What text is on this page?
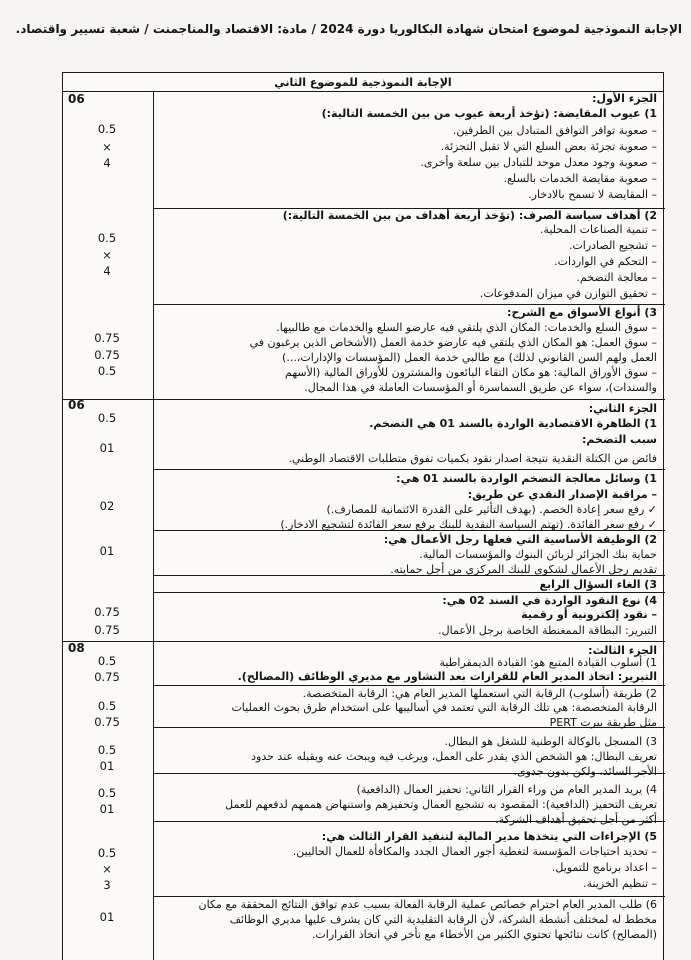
الإجابة النموذجية لموضوع امتحان شهادة البكالوريا دورة 2024 / مادة: الاقتصاد والمناجمنت / شعبة تسيير واقتصاد.
الإجابة النموذجية للموضوع الثاني
06
06
08
0.5
×
4
0.5
×
4
0.75
0.75
0.5
0.5
01
02
01
0.75
0.75
0.5
0.75
0.5
0.75
0.5
01
0.5
01
0.5
×
3
01
الجزء الأول:
1) عيوب المقايضة: (تؤخذ أربعة عيوب من بين الخمسة التالية:)
– صعوبة توافر التوافق المتبادل بين الطرفين.
– صعوبة تجزئة بعض السلع التي لا تقبل التجزئة.
– صعوبة وجود معدل موحد للتبادل بين سلعة وأخرى.
– صعوبة مقايضة الخدمات بالسلع.
– المقايضة لا تسمح بالادخار.
2) أهداف سياسة الصرف: (تؤخذ أربعة أهداف من بين الخمسة التالية:)
– تنمية الصناعات المحلية.
– تشجيع الصادرات.
– التحكم في الواردات.
– معالجة التضخم.
– تحقيق التوازن في ميزان المدفوعات.
3) أنواع الأسواق مع الشرح:
– سوق السلع والخدمات: المكان الذي يلتقي فيه عارضو السلع والخدمات مع طالبيها.
– سوق العمل: هو المكان الذي يلتقي فيه عارضو خدمة العمل (الأشخاص الذين يرغبون في
العمل ولهم السن القانوني لذلك) مع طالبي خدمة العمل (المؤسسات والإدارات،...)
– سوق الأوراق المالية: هو مكان التقاء البائعون والمشترون للأوراق المالية (الأسهم
والسندات)، سواء عن طريق السماسرة أو المؤسسات العاملة في هذا المجال.
الجزء الثاني:
1) الظاهرة الاقتصادية الواردة بالسند 01 هي التضخم.
سبب التضخم:
فائض من الكتلة النقدية نتيجة اصدار نقود بكميات تفوق متطلبات الاقتصاد الوطني.
1) وسائل معالجة التضخم الواردة بالسند 01 هي:
– مراقبة الإصدار النقدي عن طريق:
✓ رفع سعر إعادة الخصم. (بهدف التأثير على القدرة الائتمانية للمصارف.)
✓ رفع سعر الفائدة. (تهتم السياسة النقدية للبنك برفع سعر الفائدة لتشجيع الادخار.)
2) الوظيفة الأساسية التي فعلها رجل الأعمال هي:
حماية بنك الجزائر لزبائن البنوك والمؤسسات المالية.
تقديم رجل الأعمال لشكوى للبنك المركزي من أجل حمايته.
3) الغاء السؤال الرابع
4) نوع النقود الواردة في السند 02 هي:
– نقود إلكترونية أو رقمية
التبرير: البطاقة الممغنطة الخاصة برجل الأعمال.
الجزء الثالث:
1) أسلوب القيادة المتبع هو: القيادة الديمقراطية
التبرير: اتخاذ المدير العام للقرارات بعد التشاور مع مديري الوظائف (المصالح).
2) طريقة (أسلوب) الرقابة التي استعملها المدير العام هي: الرقابة المتخصصة.
الرقابة المتخصصة: هي تلك الرقابة التي تعتمد في أساليبها على استخدام طرق بحوث العمليات
مثل طريقة بيرت PERT
3) المسجل بالوكالة الوطنية للشغل هو البطال.
تعريف البطال: هو الشخص الذي يقدر على العمل، ويرغب فيه ويبحث عنه ويقبله عند حدود
الأجر السائد، ولكن بدون جدوى.
4) يريد المدير العام من وراء القرار الثاني: تحفيز العمال (الدافعية)
تعريف التحفيز (الدافعية): المقصود به تشجيع العمال وتحفيزهم واستنهاض هممهم لدفعهم للعمل
أكثر من أجل تحقيق أهداف الشركة.
5) الإجراءات التي يتخذها مدير المالية لتنفيذ القرار الثالث هي:
– تحديد احتياجات المؤسسة لتغطية أجور العمال الجدد والمكافأة للعمال الحاليين.
– اعداد برنامج للتمويل.
– تنظيم الخزينة.
6) طلب المدير العام احترام خصائص عملية الرقابة الفعالة بسبب عدم توافق النتائج المحققة مع مكان
مخطط له لمختلف أنشطة الشركة، لأن الرقابة التقليدية التي كان يشرف عليها مديري الوظائف
(المصالح) كانت نتائجها تحتوي الكثير من الأخطاء مع تأخر في اتخاذ القرارات.
